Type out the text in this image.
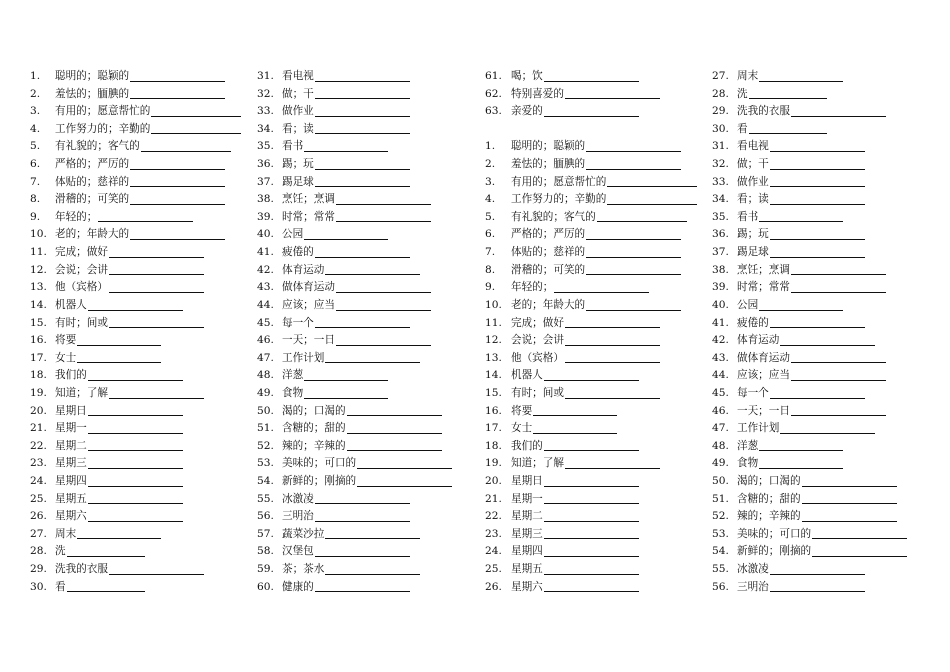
1.	聪明的；聪颖的
2.	羞怯的；腼腆的
3.	有用的；愿意帮忙的
4.	工作努力的；辛勤的
5.	有礼貌的；客气的
6.	严格的；严厉的
7.	体贴的；慈祥的
8.	滑稽的；可笑的
9.	年轻的；
10. 老的；年龄大的
11. 完成；做好
12. 会说；会讲
13. 他（宾格）
14. 机器人
15. 有时；间或
16. 将要
17. 女士
18. 我们的
19. 知道；了解
20. 星期日
21. 星期一
22. 星期二
23. 星期三
24. 星期四
25. 星期五
26. 星期六
27. 周末
28. 洗
29. 洗我的衣服
30. 看
31. 看电视
32. 做；干
33. 做作业
34. 看；读
35. 看书
36. 踢；玩
37. 踢足球
38. 烹饪；烹调
39. 时常；常常
40. 公园
41. 疲倦的
42. 体育运动
43. 做体育运动
44. 应该；应当
45. 每一个
46. 一天；一日
47. 工作计划
48. 洋葱
49. 食物
50. 渴的；口渴的
51. 含糖的；甜的
52. 辣的；辛辣的
53. 美味的；可口的
54. 新鲜的；刚摘的
55. 冰激凌
56. 三明治
57. 蔬菜沙拉
58. 汉堡包
59. 茶；茶水
60. 健康的
61. 喝；饮
62. 特别喜爱的
63. 亲爱的
1.	聪明的；聪颖的
2.	羞怯的；腼腆的
3.	有用的；愿意帮忙的
4.	工作努力的；辛勤的
5.	有礼貌的；客气的
6.	严格的；严厉的
7.	体贴的；慈祥的
8.	滑稽的；可笑的
9.	年轻的；
10. 老的；年龄大的
11. 完成；做好
12. 会说；会讲
13. 他（宾格）
14. 机器人
15. 有时；间或
16. 将要
17. 女士
18. 我们的
19. 知道；了解
20. 星期日
21. 星期一
22. 星期二
23. 星期三
24. 星期四
25. 星期五
26. 星期六
27. 周末
28. 洗
29. 洗我的衣服
30. 看
31. 看电视
32. 做；干
33. 做作业
34. 看；读
35. 看书
36. 踢；玩
37. 踢足球
38. 烹饪；烹调
39. 时常；常常
40. 公园
41. 疲倦的
42. 体育运动
43. 做体育运动
44. 应该；应当
45. 每一个
46. 一天；一日
47. 工作计划
48. 洋葱
49. 食物
50. 渴的；口渴的
51. 含糖的；甜的
52. 辣的；辛辣的
53. 美味的；可口的
54. 新鲜的；刚摘的
55. 冰激凌
56. 三明治
